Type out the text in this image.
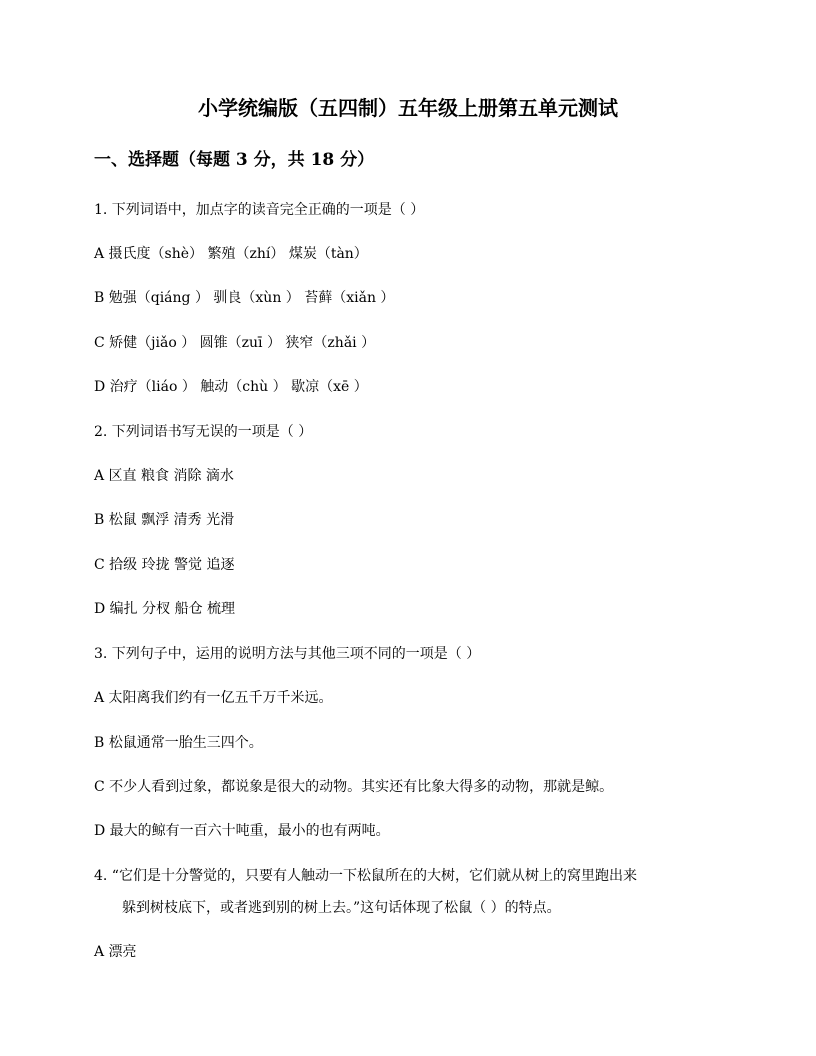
小学统编版（五四制）五年级上册第五单元测试
一、选择题（每题 3 分，共 18 分）
1. 下列词语中，加点字的读音完全正确的一项是（ ）
A 摄氏度（shè） 繁殖（zhí） 煤炭（tàn）
B 勉强（qiáng ） 驯良（xùn ） 苔藓（xiǎn ）
C 矫健（jiǎo ） 圆锥（zuī ） 狭窄（zhǎi ）
D 治疗（liáo ） 触动（chù ） 歇凉（xē ）
2. 下列词语书写无误的一项是（ ）
A 区直 粮食 消除 滴水
B 松鼠 飘浮 清秀 光滑
C 拾级 玲拢 警觉 追逐
D 编扎 分杈 船仓 梳理
3. 下列句子中，运用的说明方法与其他三项不同的一项是（ ）
A 太阳离我们约有一亿五千万千米远。
B 松鼠通常一胎生三四个。
C 不少人看到过象，都说象是很大的动物。其实还有比象大得多的动物，那就是鲸。
D 最大的鲸有一百六十吨重，最小的也有两吨。
4. “它们是十分警觉的，只要有人触动一下松鼠所在的大树，它们就从树上的窝里跑出来
躲到树枝底下，或者逃到别的树上去。”这句话体现了松鼠（ ）的特点。
A 漂亮
